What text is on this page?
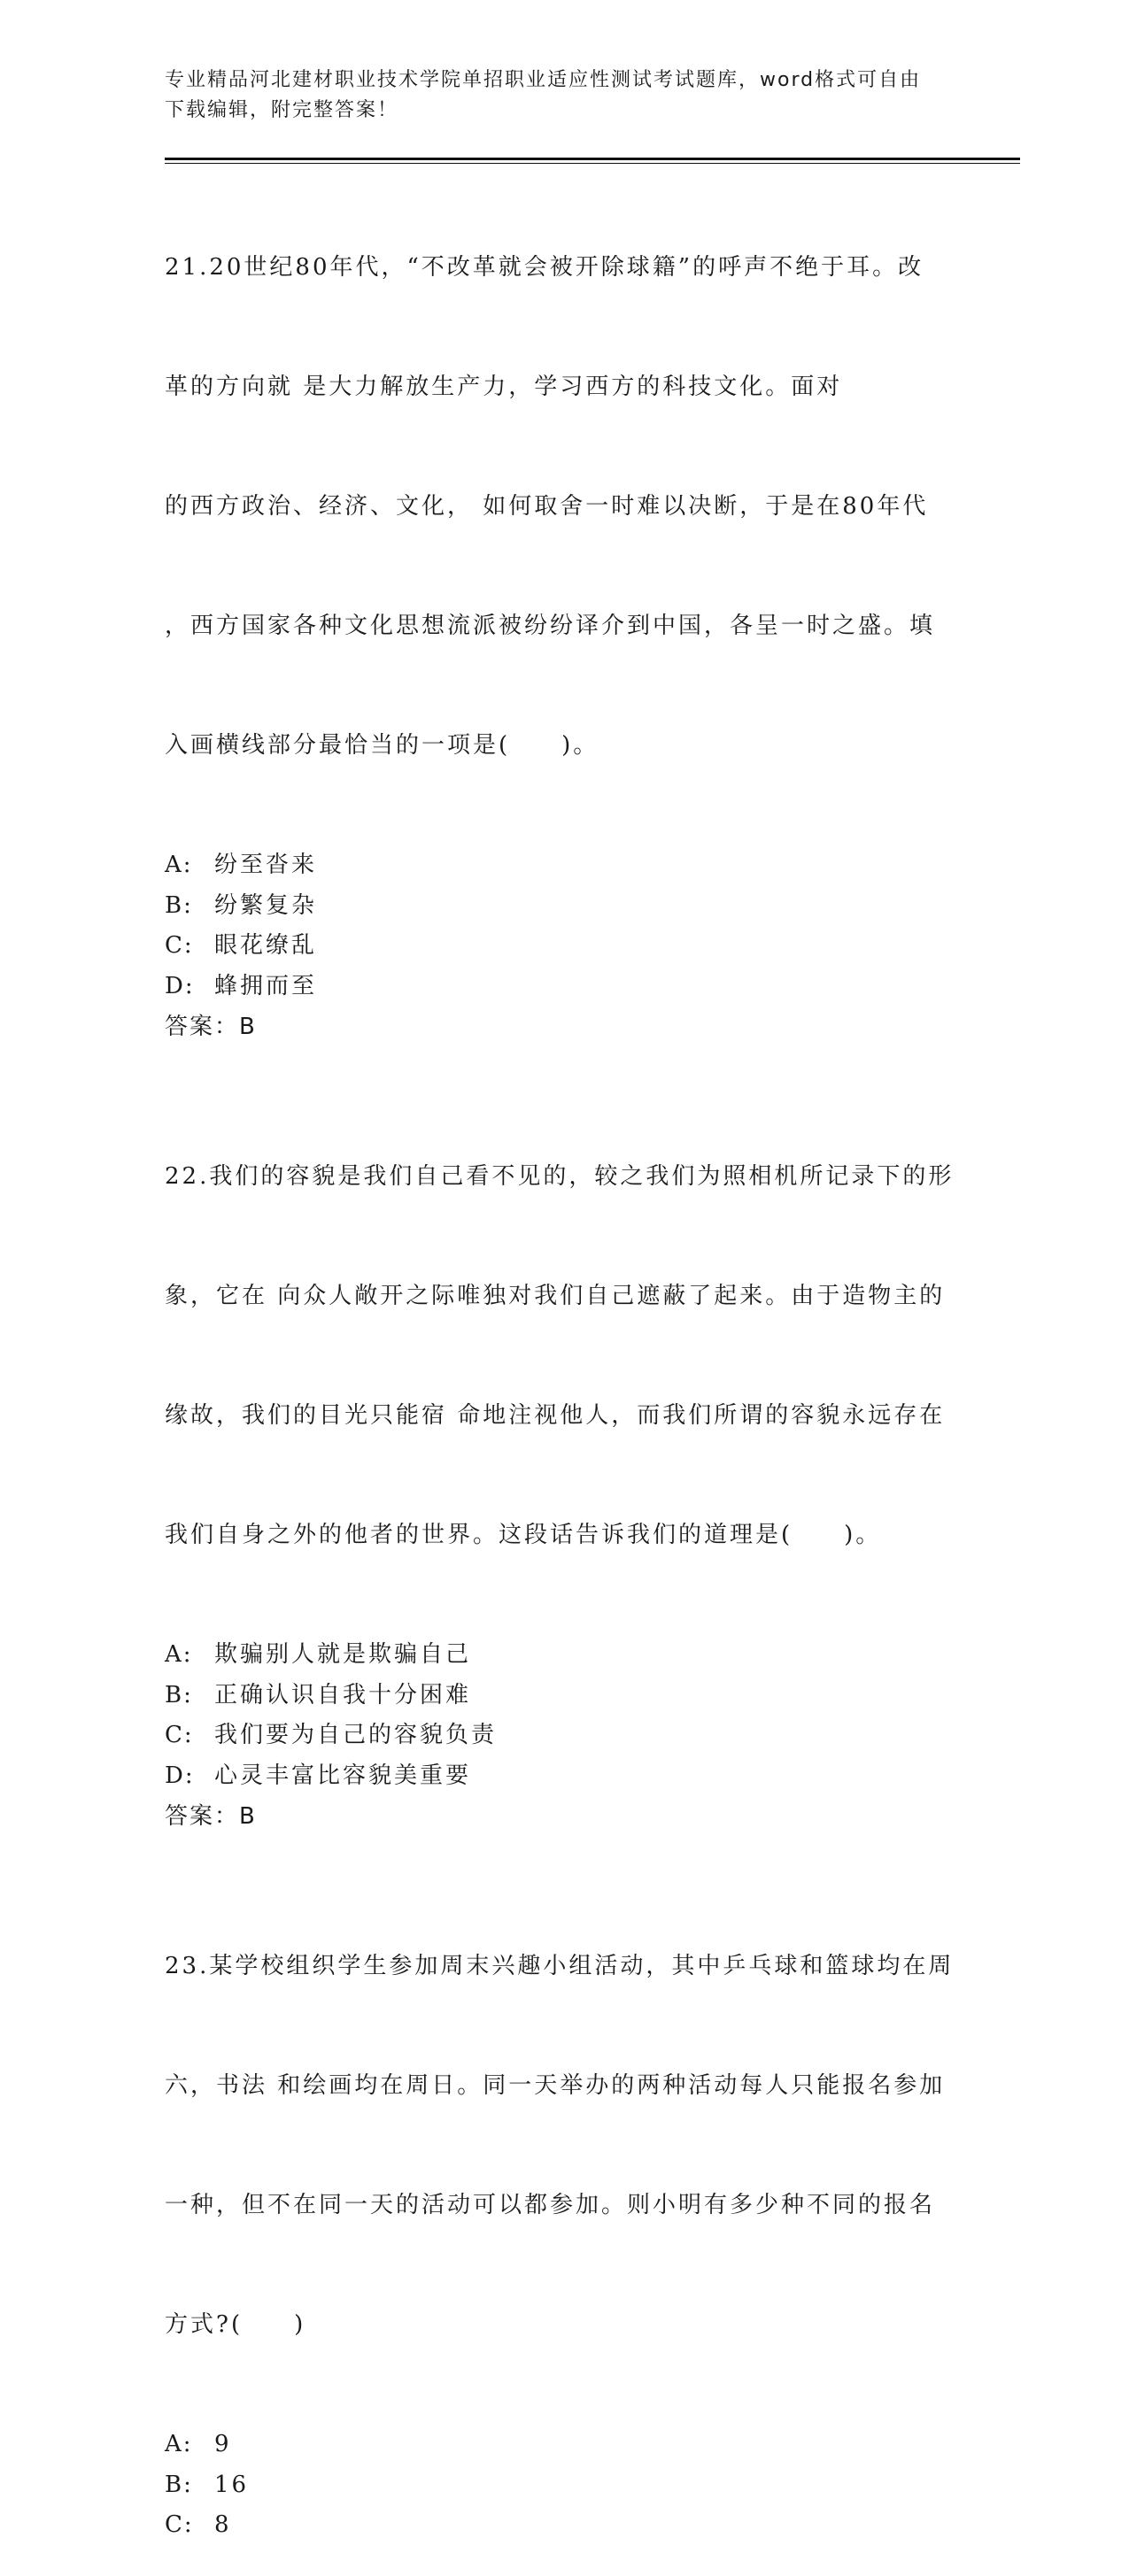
专业精品河北建材职业技术学院单招职业适应性测试考试题库，word格式可自由
下载编辑，附完整答案！

21.20世纪80年代，“不改革就会被开除球籍”的呼声不绝于耳。改

革的方向就 是大力解放生产力，学习西方的科技文化。面对

的西方政治、经济、文化， 如何取舍一时难以决断，于是在80年代

，西方国家各种文化思想流派被纷纷译介到中国，各呈一时之盛。填

入画横线部分最恰当的一项是(　　)。

A: 纷至沓来
B: 纷繁复杂
C: 眼花缭乱
D: 蜂拥而至
答案：B

22.我们的容貌是我们自己看不见的，较之我们为照相机所记录下的形

象，它在 向众人敞开之际唯独对我们自己遮蔽了起来。由于造物主的

缘故，我们的目光只能宿 命地注视他人，而我们所谓的容貌永远存在

我们自身之外的他者的世界。这段话告诉我们的道理是(　　)。

A: 欺骗别人就是欺骗自己
B: 正确认识自我十分困难
C: 我们要为自己的容貌负责
D: 心灵丰富比容貌美重要
答案：B

23.某学校组织学生参加周末兴趣小组活动，其中乒乓球和篮球均在周

六，书法 和绘画均在周日。同一天举办的两种活动每人只能报名参加

一种，但不在同一天的活动可以都参加。则小明有多少种不同的报名

方式?(　　)

A: 9
B: 16
C: 8
